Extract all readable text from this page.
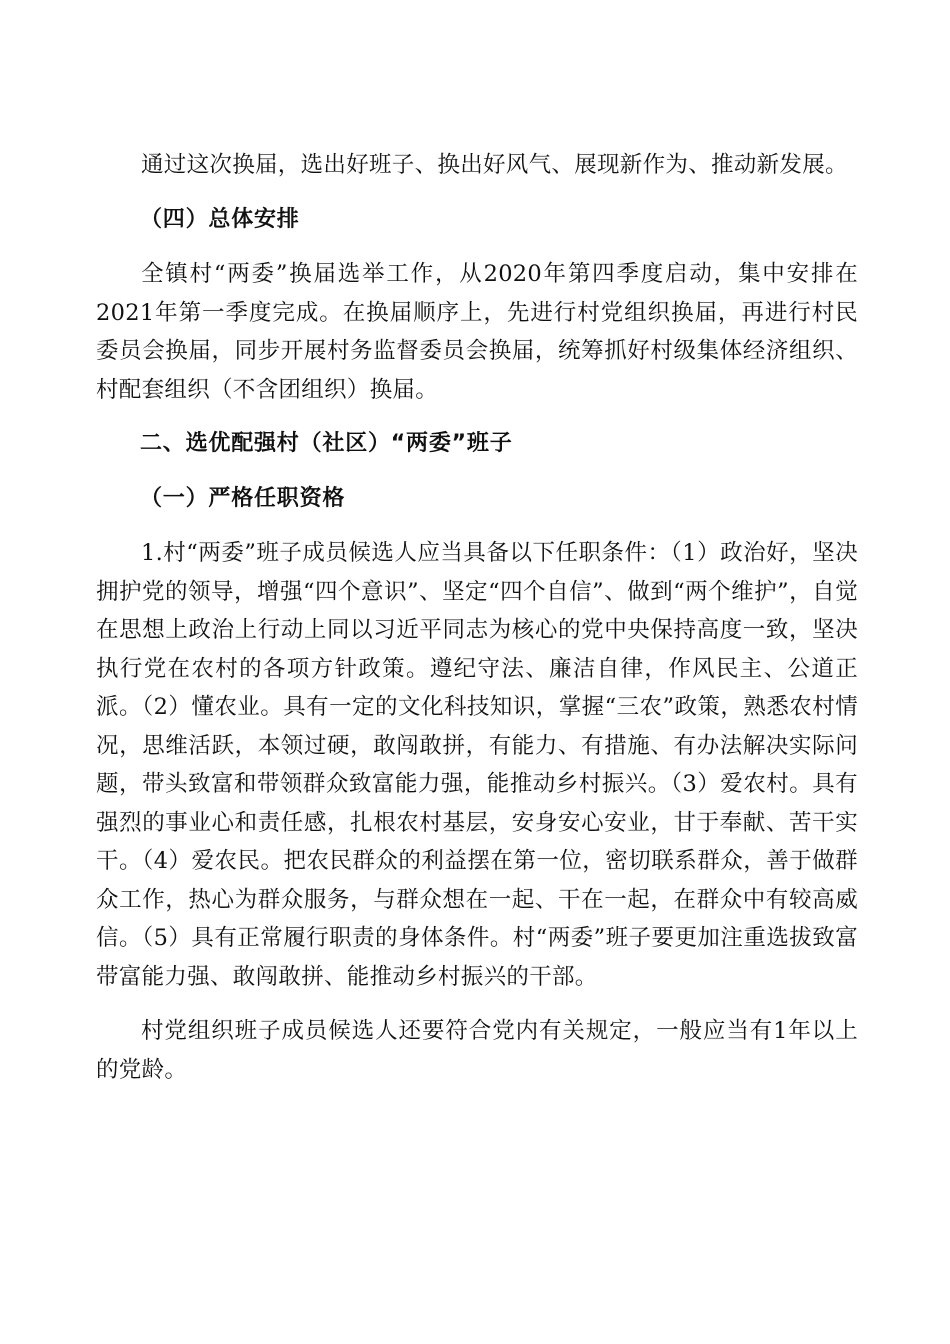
通过这次换届，选出好班子、换出好风气、展现新作为、推动新发展。

（四）总体安排

全镇村“两委”换届选举工作，从2020年第四季度启动，集中安排在2021年第一季度完成。在换届顺序上，先进行村党组织换届，再进行村民委员会换届，同步开展村务监督委员会换届，统筹抓好村级集体经济组织、村配套组织（不含团组织）换届。

二、选优配强村（社区）“两委”班子

（一）严格任职资格

1.村“两委”班子成员候选人应当具备以下任职条件：（1）政治好，坚决拥护党的领导，增强“四个意识”、坚定“四个自信”、做到“两个维护”，自觉在思想上政治上行动上同以习近平同志为核心的党中央保持高度一致，坚决执行党在农村的各项方针政策。遵纪守法、廉洁自律，作风民主、公道正派。（2）懂农业。具有一定的文化科技知识，掌握“三农”政策，熟悉农村情况，思维活跃，本领过硬，敢闯敢拼，有能力、有措施、有办法解决实际问题，带头致富和带领群众致富能力强，能推动乡村振兴。（3）爱农村。具有强烈的事业心和责任感，扎根农村基层，安身安心安业，甘于奉献、苦干实干。（4）爱农民。把农民群众的利益摆在第一位，密切联系群众，善于做群众工作，热心为群众服务，与群众想在一起、干在一起，在群众中有较高威信。（5）具有正常履行职责的身体条件。村“两委”班子要更加注重选拔致富带富能力强、敢闯敢拼、能推动乡村振兴的干部。

村党组织班子成员候选人还要符合党内有关规定，一般应当有1年以上的党龄。
